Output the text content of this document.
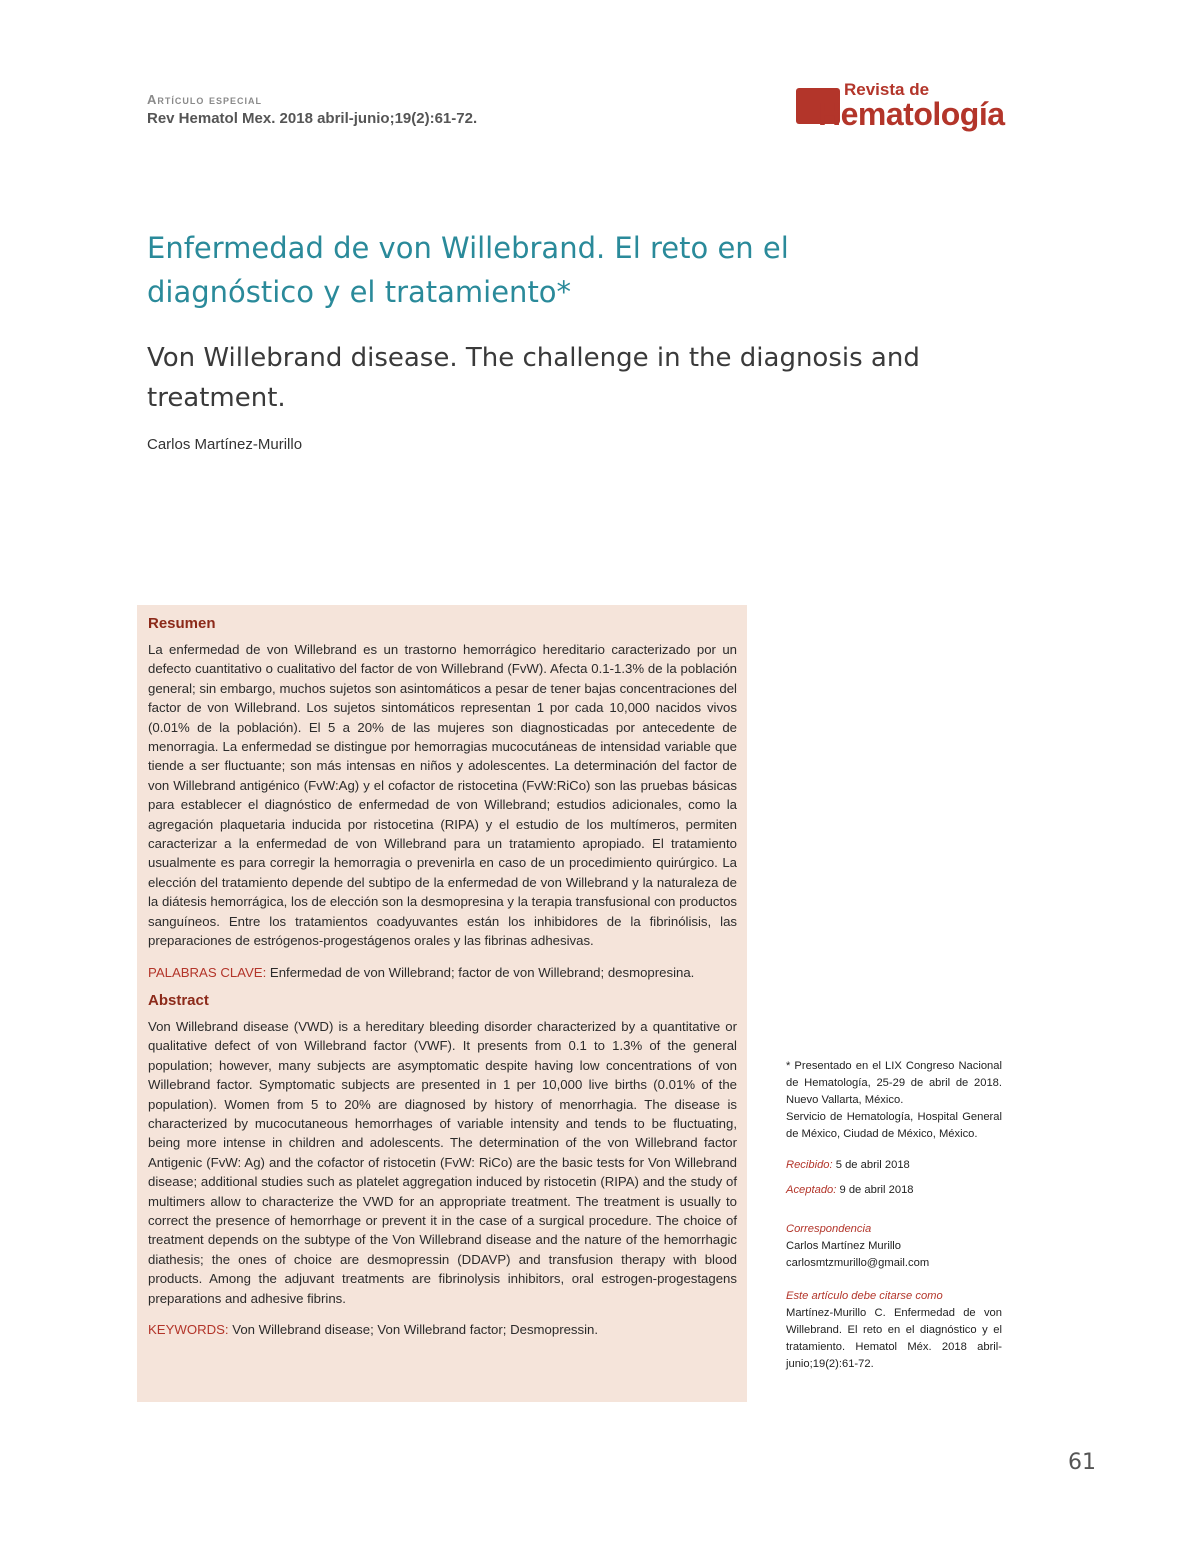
Artículo especial
Rev Hematol Mex. 2018 abril-junio;19(2):61-72.
Revista de
Hematología
Enfermedad de von Willebrand. El reto en el diagnóstico y el tratamiento*
Von Willebrand disease. The challenge in the diagnosis and treatment.
Carlos Martínez-Murillo
Resumen

La enfermedad de von Willebrand es un trastorno hemorrágico hereditario caracterizado por un defecto cuantitativo o cualitativo del factor de von Willebrand (FvW). Afecta 0.1-1.3% de la población general; sin embargo, muchos sujetos son asintomáticos a pesar de tener bajas concentraciones del factor de von Willebrand. Los sujetos sintomáticos representan 1 por cada 10,000 nacidos vivos (0.01% de la población). El 5 a 20% de las mujeres son diagnosticadas por antecedente de menorragia. La enfermedad se distingue por hemorragias mucocutáneas de intensidad variable que tiende a ser fluctuante; son más intensas en niños y adolescentes. La determinación del factor de von Willebrand antigénico (FvW:Ag) y el cofactor de ristocetina (FvW:RiCo) son las pruebas básicas para establecer el diagnóstico de enfermedad de von Willebrand; estudios adicionales, como la agregación plaquetaria inducida por ristocetina (RIPA) y el estudio de los multímeros, permiten caracterizar a la enfermedad de von Willebrand para un tratamiento apropiado. El tratamiento usualmente es para corregir la hemorragia o prevenirla en caso de un procedimiento quirúrgico. La elección del tratamiento depende del subtipo de la enfermedad de von Willebrand y la naturaleza de la diátesis hemorrágica, los de elección son la desmopresina y la terapia transfusional con productos sanguíneos. Entre los tratamientos coadyuvantes están los inhibidores de la fibrinólisis, las preparaciones de estrógenos-progestágenos orales y las fibrinas adhesivas.

PALABRAS CLAVE: Enfermedad de von Willebrand; factor de von Willebrand; desmopresina.

Abstract

Von Willebrand disease (VWD) is a hereditary bleeding disorder characterized by a quantitative or qualitative defect of von Willebrand factor (VWF). It presents from 0.1 to 1.3% of the general population; however, many subjects are asymptomatic despite having low concentrations of von Willebrand factor. Symptomatic subjects are presented in 1 per 10,000 live births (0.01% of the population). Women from 5 to 20% are diagnosed by history of menorrhagia. The disease is characterized by mucocutaneous hemorrhages of variable intensity and tends to be fluctuating, being more intense in children and adolescents. The determination of the von Willebrand factor Antigenic (FvW: Ag) and the cofactor of ristocetin (FvW: RiCo) are the basic tests for Von Willebrand disease; additional studies such as platelet aggregation induced by ristocetin (RIPA) and the study of multimers allow to characterize the VWD for an appropriate treatment. The treatment is usually to correct the presence of hemorrhage or prevent it in the case of a surgical procedure. The choice of treatment depends on the subtype of the Von Willebrand disease and the nature of the hemorrhagic diathesis; the ones of choice are desmopressin (DDAVP) and transfusion therapy with blood products. Among the adjuvant treatments are fibrinolysis inhibitors, oral estrogen-progestagens preparations and adhesive fibrins.

KEYWORDS: Von Willebrand disease; Von Willebrand factor; Desmopressin.

* Presentado en el LIX Congreso Nacional de Hematología, 25-29 de abril de 2018. Nuevo Vallarta, México.

Servicio de Hematología, Hospital General de México, Ciudad de México, México.

Recibido: 5 de abril 2018
Aceptado: 9 de abril 2018
Correspondencia
Carlos Martínez Murillo
carlosmtzmurillo@gmail.com
Este artículo debe citarse como

Martínez-Murillo C. Enfermedad de von Willebrand. El reto en el diagnóstico y el tratamiento. Hematol Méx. 2018 abril-junio;19(2):61-72.

61
